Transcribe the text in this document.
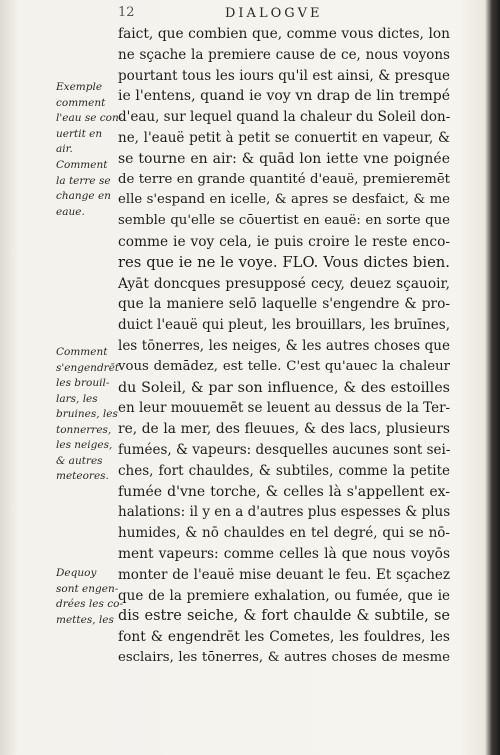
12	DIALOGVE
Exemple
comment
l'eau se con-
uertit en
air.
Comment
la terre se
change en
eaue.
Comment
s'engendrēt
les brouil-
lars, les
bruines, les
tonnerres,
les neiges,
& autres
meteores.
Dequoy
sont engen-
drées les co-
mettes, les
faict, que combien que, comme vous dictes, lon
ne sçache la premiere cause de ce, nous voyons
pourtant tous les iours qu'il est ainsi, & presque
ie l'entens, quand ie voy vn drap de lin trempé
d'eau, sur lequel quand la chaleur du Soleil don-
ne, l'eauë petit à petit se conuertit en vapeur, &
se tourne en air: & quād lon iette vne poignée
de terre en grande quantité d'eauë, premieremēt
elle s'espand en icelle, & apres se desfaict, & me
semble qu'elle se cōuertist en eauë: en sorte que
comme ie voy cela, ie puis croire le reste enco-
res que ie ne le voye. FLO. Vous dictes bien.
Ayāt doncques presupposé cecy, deuez sçauoir,
que la maniere selō laquelle s'engendre & pro-
duict l'eauë qui pleut, les brouillars, les bruīnes,
les tōnerres, les neiges, & les autres choses que
vous demādez, est telle. C'est qu'auec la chaleur
du Soleil, & par son influence, & des estoilles
en leur mouuemēt se leuent au dessus de la Ter-
re, de la mer, des fleuues, & des lacs, plusieurs
fumées, & vapeurs: desquelles aucunes sont sei-
ches, fort chauldes, & subtiles, comme la petite
fumée d'vne torche, & celles là s'appellent ex-
halations: il y en a d'autres plus espesses & plus
humides, & nō chauldes en tel degré, qui se nō-
ment vapeurs: comme celles là que nous voyōs
monter de l'eauë mise deuant le feu. Et sçachez
que de la premiere exhalation, ou fumée, que ie
dis estre seiche, & fort chaulde & subtile, se
font & engendrēt les Cometes, les fouldres, les
esclairs, les tōnerres, & autres choses de mesme
